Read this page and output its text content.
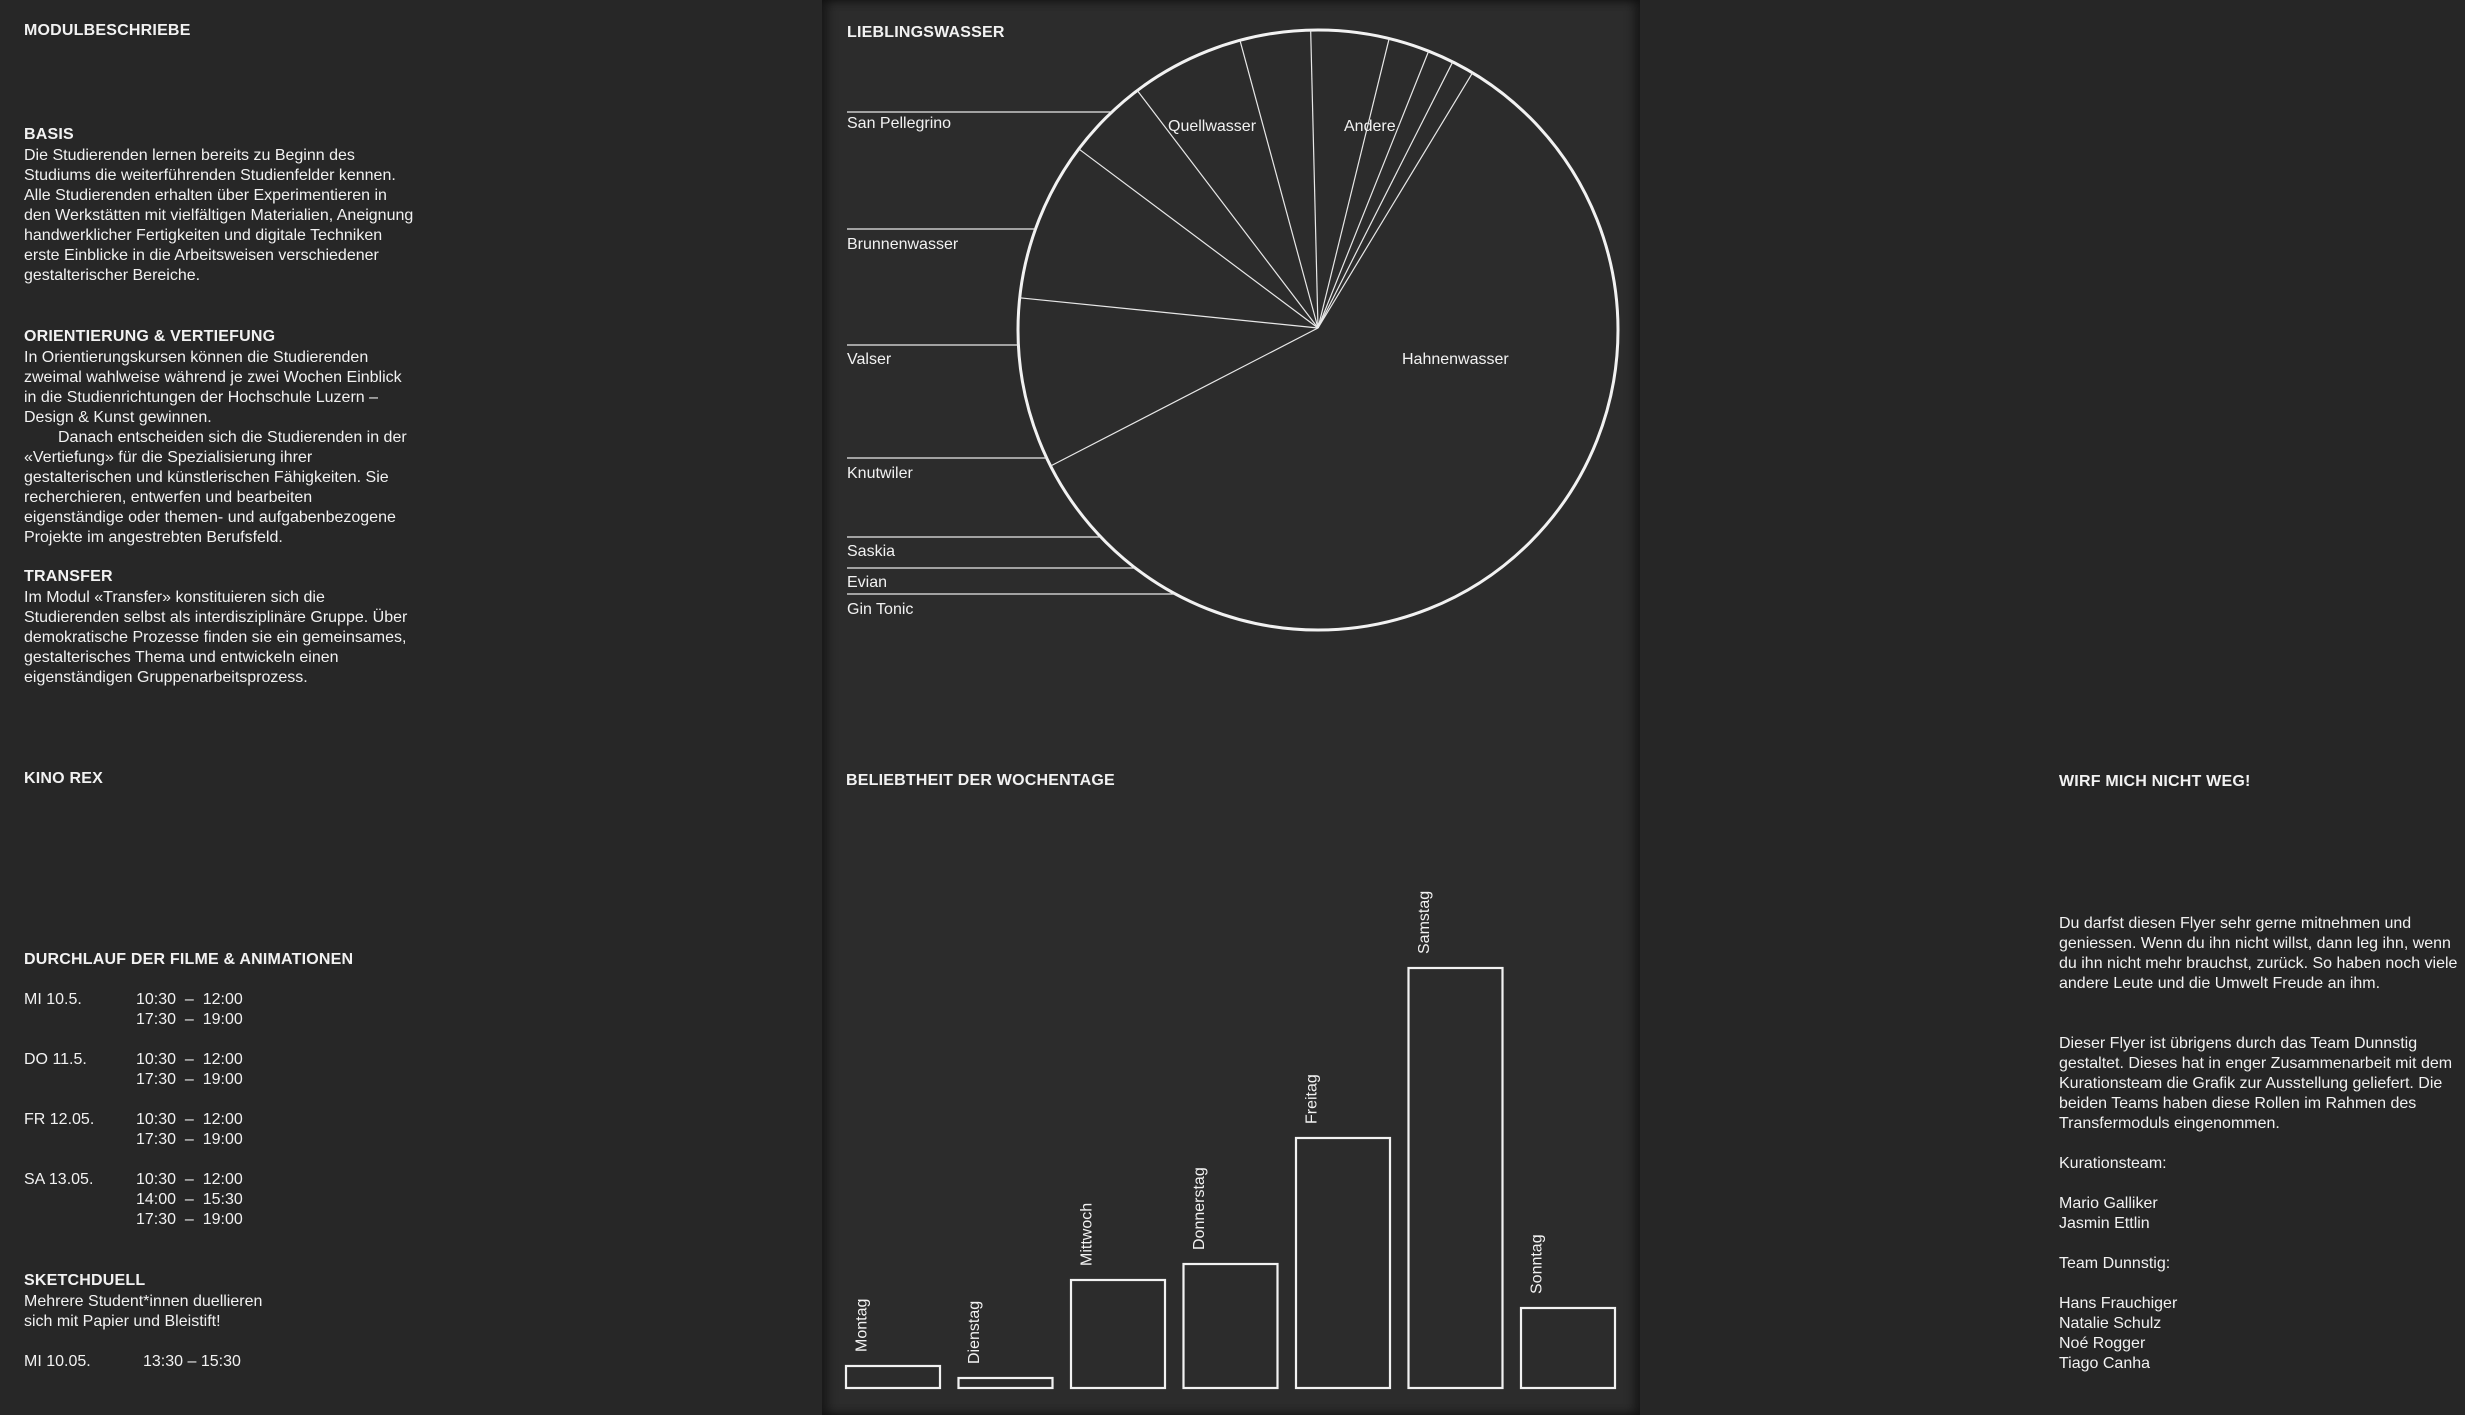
MODULBESCHRIEBE
BASIS

Die Studierenden lernen bereits zu Beginn des Studiums die weiterführenden Studienfelder kennen. Alle Studierenden erhalten über Experimentieren in den Werkstätten mit vielfältigen Materialien, Aneignung handwerklicher Fertigkeiten und digitale Techniken erste Einblicke in die Arbeitsweisen verschiedener gestalterischer Bereiche.

ORIENTIERUNG & VERTIEFUNG

In Orientierungskursen können die Studierenden zweimal wahlweise während je zwei Wochen Einblick in die Studienrichtungen der Hochschule Luzern – Design & Kunst gewinnen.

Danach entscheiden sich die Studierenden in der «Vertiefung» für die Spezialisierung ihrer gestalterischen und künstlerischen Fähigkeiten. Sie recherchieren, entwerfen und bearbeiten eigenständige oder themen- und aufgabenbezogene Projekte im angestrebten Berufsfeld.

TRANSFER

Im Modul «Transfer» konstituieren sich die Studierenden selbst als interdisziplinäre Gruppe. Über demokratische Prozesse finden sie ein gemeinsames, gestalterisches Thema und entwickeln einen eigenständigen Gruppenarbeitsprozess.

KINO REX
DURCHLAUF DER FILME & ANIMATIONEN
MI 10.5.	10:30  –  12:00
17:30  –  19:00
DO 11.5.	10:30  –  12:00
17:30  –  19:00
FR 12.05.	10:30  –  12:00
17:30  –  19:00
SA 13.05.	10:30  –  12:00
14:00  –  15:30
17:30  –  19:00
SKETCHDUELL
Mehrere Student*innen duellieren
sich mit Papier und Bleistift!
MI 10.05.	13:30 – 15:30
LIEBLINGSWASSER
Hahnenwasser
Andere
Quellwasser
San Pellegrino
Brunnenwasser
Valser
Knutwiler
Saskia
Evian
Gin Tonic
BELIEBTHEIT DER WOCHENTAGE
Montag	Dienstag
Mittwoch	Donnerstag
Freitag
Samstag
Sonntag
WIRF MICH NICHT WEG!
Du darfst diesen Flyer sehr gerne mitnehmen und geniessen. Wenn du ihn nicht willst, dann leg ihn, wenn du ihn nicht mehr brauchst, zurück. So haben noch viele andere Leute und die Umwelt Freude an ihm.
Dieser Flyer ist übrigens durch das Team Dunnstig gestaltet. Dieses hat in enger Zusammenarbeit mit dem Kurationsteam die Grafik zur Ausstellung geliefert. Die beiden Teams haben diese Rollen im Rahmen des Transfermoduls eingenommen.
Kurationsteam:
Mario Galliker
Jasmin Ettlin
Team Dunnstig:
Hans Frauchiger
Natalie Schulz
Noé Rogger
Tiago Canha
